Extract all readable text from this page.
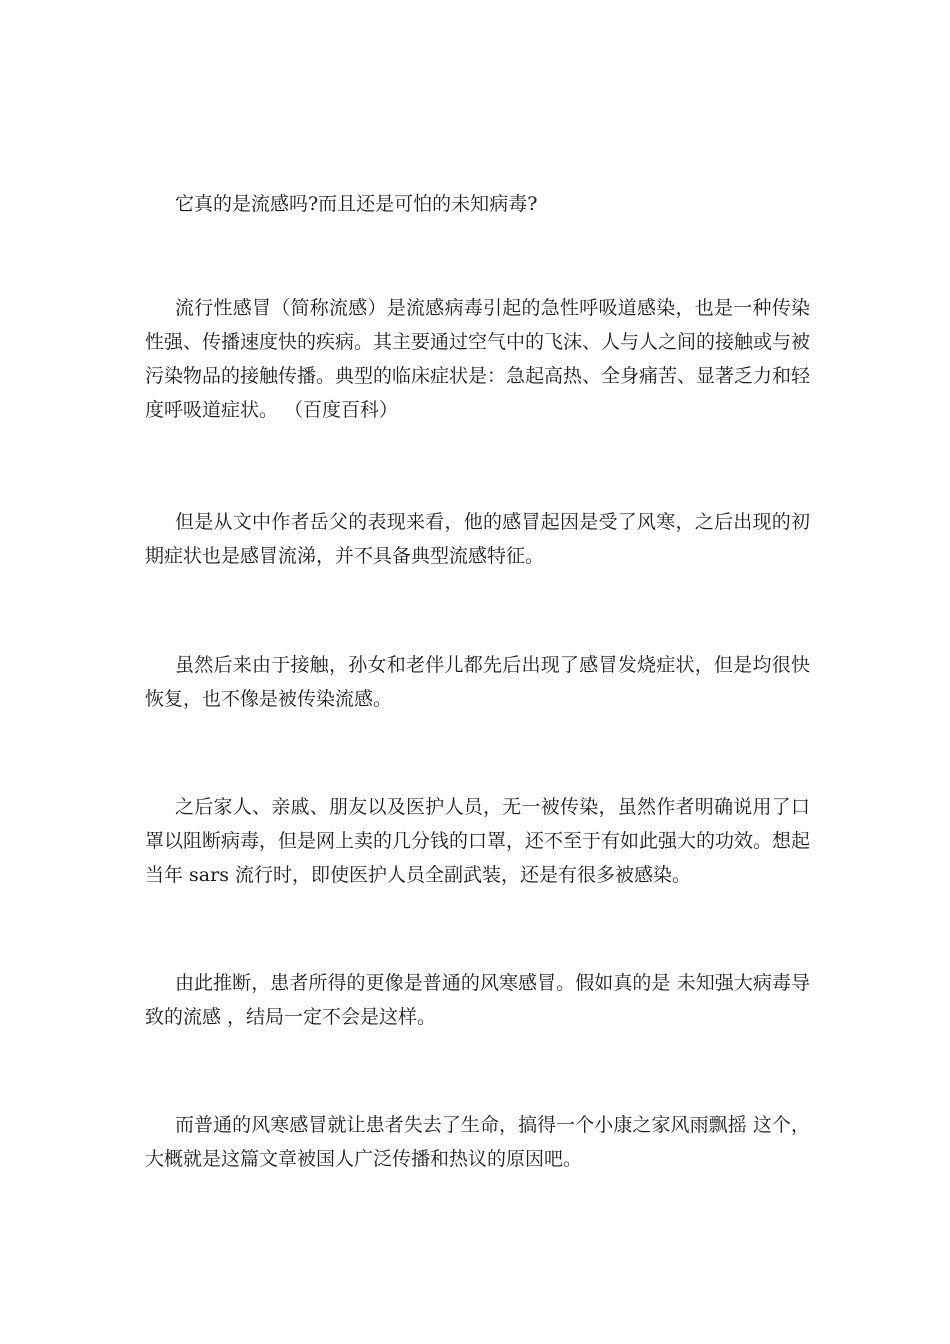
它真的是流感吗?而且还是可怕的未知病毒?

流行性感冒（简称流感）是流感病毒引起的急性呼吸道感染，也是一种传染性强、传播速度快的疾病。其主要通过空气中的飞沫、人与人之间的接触或与被污染物品的接触传播。典型的临床症状是：急起高热、全身痛苦、显著乏力和轻度呼吸道症状。 （百度百科）

但是从文中作者岳父的表现来看，他的感冒起因是受了风寒，之后出现的初期症状也是感冒流涕，并不具备典型流感特征。

虽然后来由于接触，孙女和老伴儿都先后出现了感冒发烧症状，但是均很快恢复，也不像是被传染流感。

之后家人、亲戚、朋友以及医护人员，无一被传染，虽然作者明确说用了口罩以阻断病毒，但是网上卖的几分钱的口罩，还不至于有如此强大的功效。想起当年 sars 流行时，即使医护人员全副武装，还是有很多被感染。

由此推断，患者所得的更像是普通的风寒感冒。假如真的是 未知强大病毒导致的流感 ，结局一定不会是这样。

而普通的风寒感冒就让患者失去了生命，搞得一个小康之家风雨飘摇 这个，大概就是这篇文章被国人广泛传播和热议的原因吧。
